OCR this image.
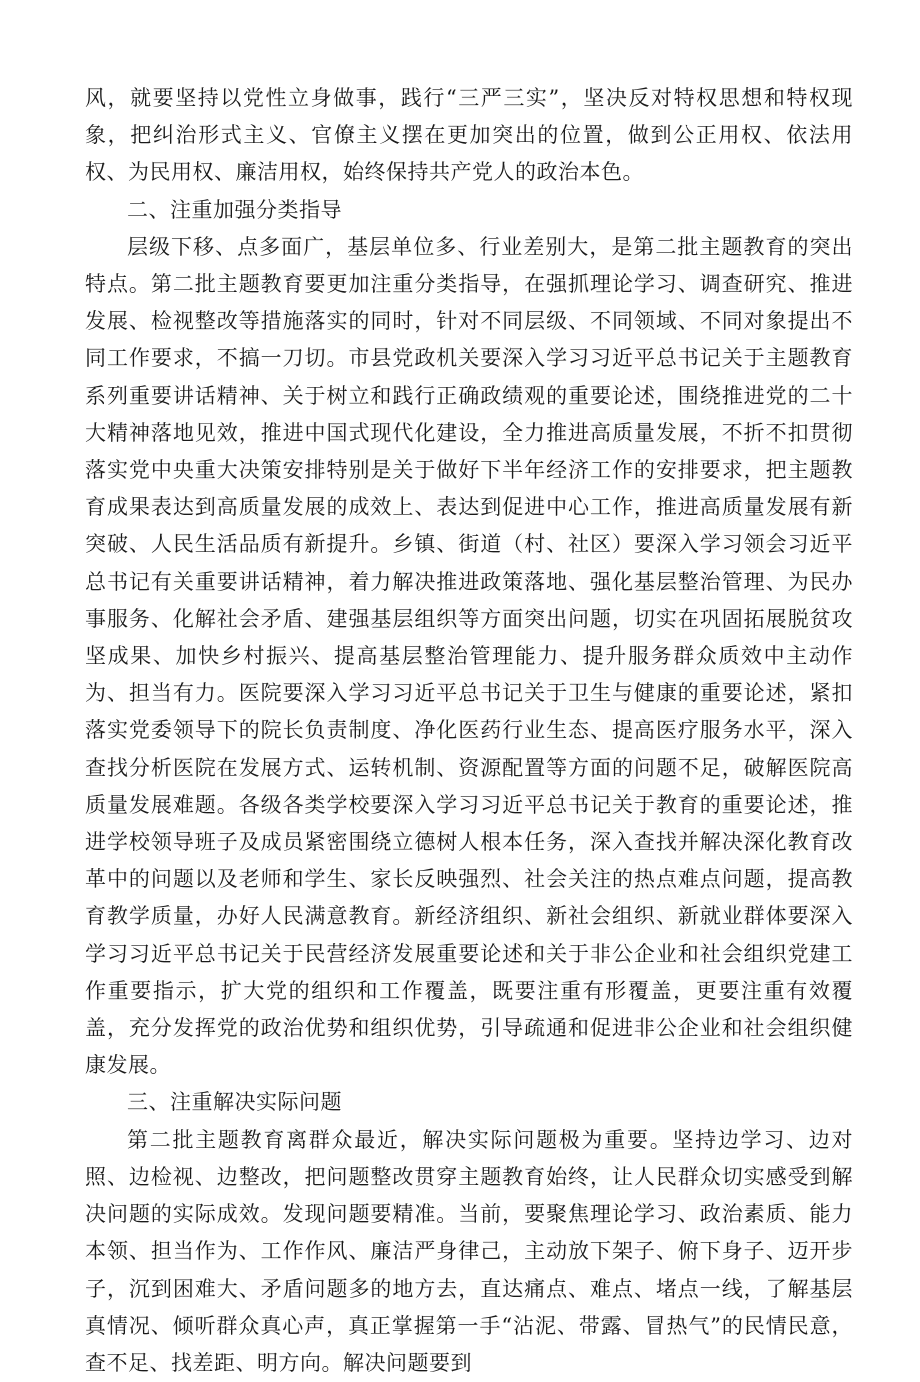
风，就要坚持以党性立身做事，践行“三严三实”，坚决反对特权思想和特权现象，把纠治形式主义、官僚主义摆在更加突出的位置，做到公正用权、依法用权、为民用权、廉洁用权，始终保持共产党人的政治本色。

二、注重加强分类指导

层级下移、点多面广，基层单位多、行业差别大，是第二批主题教育的突出特点。第二批主题教育要更加注重分类指导，在强抓理论学习、调查研究、推进发展、检视整改等措施落实的同时，针对不同层级、不同领域、不同对象提出不同工作要求，不搞一刀切。市县党政机关要深入学习习近平总书记关于主题教育系列重要讲话精神、关于树立和践行正确政绩观的重要论述，围绕推进党的二十大精神落地见效，推进中国式现代化建设，全力推进高质量发展，不折不扣贯彻落实党中央重大决策安排特别是关于做好下半年经济工作的安排要求，把主题教育成果表达到高质量发展的成效上、表达到促进中心工作，推进高质量发展有新突破、人民生活品质有新提升。乡镇、街道（村、社区）要深入学习领会习近平总书记有关重要讲话精神，着力解决推进政策落地、强化基层整治管理、为民办事服务、化解社会矛盾、建强基层组织等方面突出问题，切实在巩固拓展脱贫攻坚成果、加快乡村振兴、提高基层整治管理能力、提升服务群众质效中主动作为、担当有力。医院要深入学习习近平总书记关于卫生与健康的重要论述，紧扣落实党委领导下的院长负责制度、净化医药行业生态、提高医疗服务水平，深入查找分析医院在发展方式、运转机制、资源配置等方面的问题不足，破解医院高质量发展难题。各级各类学校要深入学习习近平总书记关于教育的重要论述，推进学校领导班子及成员紧密围绕立德树人根本任务，深入查找并解决深化教育改革中的问题以及老师和学生、家长反映强烈、社会关注的热点难点问题，提高教育教学质量，办好人民满意教育。新经济组织、新社会组织、新就业群体要深入学习习近平总书记关于民营经济发展重要论述和关于非公企业和社会组织党建工作重要指示，扩大党的组织和工作覆盖，既要注重有形覆盖，更要注重有效覆盖，充分发挥党的政治优势和组织优势，引导疏通和促进非公企业和社会组织健康发展。

三、注重解决实际问题

第二批主题教育离群众最近，解决实际问题极为重要。坚持边学习、边对照、边检视、边整改，把问题整改贯穿主题教育始终，让人民群众切实感受到解决问题的实际成效。发现问题要精准。当前，要聚焦理论学习、政治素质、能力本领、担当作为、工作作风、廉洁严身律己，主动放下架子、俯下身子、迈开步子，沉到困难大、矛盾问题多的地方去，直达痛点、难点、堵点一线，了解基层真情况、倾听群众真心声，真正掌握第一手“沾泥、带露、冒热气”的民情民意，查不足、找差距、明方向。解决问题要到
